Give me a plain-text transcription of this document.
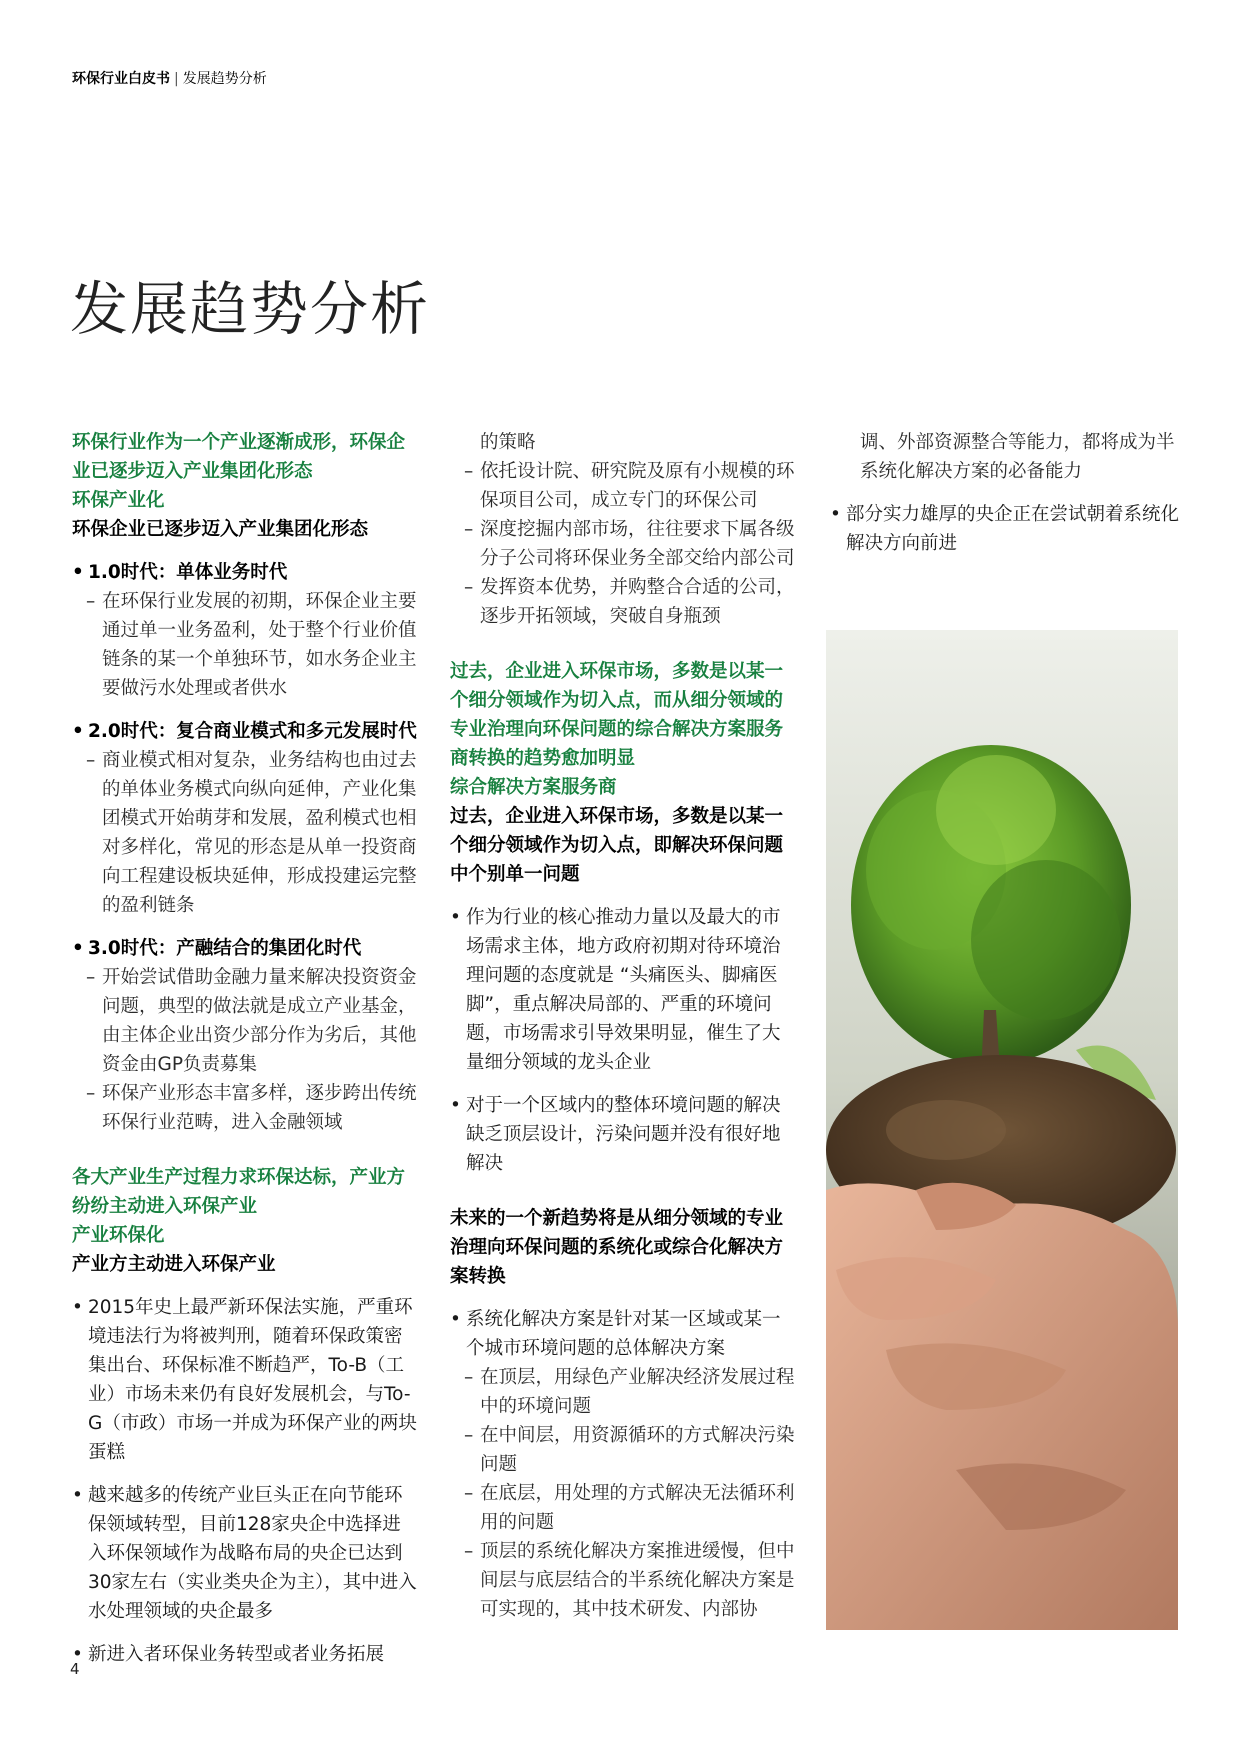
环保行业白皮书 | 发展趋势分析
发展趋势分析
环保行业作为一个产业逐渐成形，环保企业已逐步迈入产业集团化形态
环保产业化
环保企业已逐步迈入产业集团化形态
• 1.0时代：单体业务时代
– 在环保行业发展的初期，环保企业主要通过单一业务盈利，处于整个行业价值链条的某一个单独环节，如水务企业主要做污水处理或者供水
• 2.0时代：复合商业模式和多元发展时代
– 商业模式相对复杂，业务结构也由过去的单体业务模式向纵向延伸，产业化集团模式开始萌芽和发展，盈利模式也相对多样化，常见的形态是从单一投资商向工程建设板块延伸，形成投建运完整的盈利链条
• 3.0时代：产融结合的集团化时代
– 开始尝试借助金融力量来解决投资资金问题，典型的做法就是成立产业基金，由主体企业出资少部分作为劣后，其他资金由GP负责募集
– 环保产业形态丰富多样，逐步跨出传统环保行业范畴，进入金融领域
各大产业生产过程力求环保达标，产业方纷纷主动进入环保产业
产业环保化
产业方主动进入环保产业
• 2015年史上最严新环保法实施，严重环境违法行为将被判刑，随着环保政策密集出台、环保标准不断趋严，To-B（工业）市场未来仍有良好发展机会，与To-G（市政）市场一并成为环保产业的两块蛋糕
• 越来越多的传统产业巨头正在向节能环保领域转型，目前128家央企中选择进入环保领域作为战略布局的央企已达到30家左右（实业类央企为主），其中进入水处理领域的央企最多
• 新进入者环保业务转型或者业务拓展
的策略
– 依托设计院、研究院及原有小规模的环保项目公司，成立专门的环保公司
– 深度挖掘内部市场，往往要求下属各级分子公司将环保业务全部交给内部公司
– 发挥资本优势，并购整合合适的公司，逐步开拓领域，突破自身瓶颈
过去，企业进入环保市场，多数是以某一个细分领域作为切入点，而从细分领域的专业治理向环保问题的综合解决方案服务商转换的趋势愈加明显
综合解决方案服务商
过去，企业进入环保市场，多数是以某一个细分领域作为切入点，即解决环保问题中个别单一问题
• 作为行业的核心推动力量以及最大的市场需求主体，地方政府初期对待环境治理问题的态度就是 “头痛医头、脚痛医脚”，重点解决局部的、严重的环境问题，市场需求引导效果明显，催生了大量细分领域的龙头企业
• 对于一个区域内的整体环境问题的解决缺乏顶层设计，污染问题并没有很好地解决
未来的一个新趋势将是从细分领域的专业治理向环保问题的系统化或综合化解决方案转换
• 系统化解决方案是针对某一区域或某一个城市环境问题的总体解决方案
– 在顶层，用绿色产业解决经济发展过程中的环境问题
– 在中间层，用资源循环的方式解决污染问题
– 在底层，用处理的方式解决无法循环利用的问题
– 顶层的系统化解决方案推进缓慢，但中间层与底层结合的半系统化解决方案是可实现的，其中技术研发、内部协
调、外部资源整合等能力，都将成为半系统化解决方案的必备能力
• 部分实力雄厚的央企正在尝试朝着系统化解决方向前进
4
